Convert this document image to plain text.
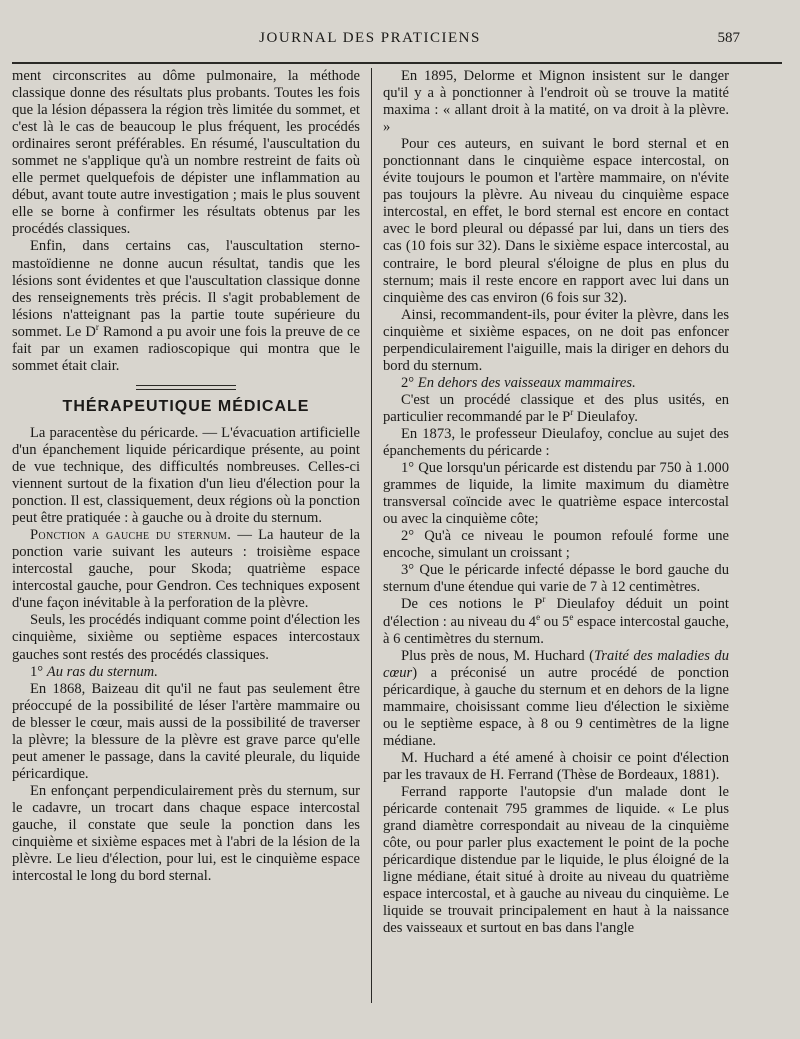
JOURNAL DES PRATICIENS	587

ment circonscrites au dôme pulmonaire, la méthode classique donne des résultats plus probants. Toutes les fois que la lésion dépassera la région très limitée du sommet, et c'est là le cas de beaucoup le plus fréquent, les procédés ordinaires seront préférables. En résumé, l'auscultation du sommet ne s'applique qu'à un nombre restreint de faits où elle permet quelquefois de dépister une inflammation au début, avant toute autre investigation ; mais le plus souvent elle se borne à confirmer les résultats obtenus par les procédés classiques.

Enfin, dans certains cas, l'auscultation sterno-mastoïdienne ne donne aucun résultat, tandis que les lésions sont évidentes et que l'auscultation classique donne des renseignements très précis. Il s'agit probablement de lésions n'atteignant pas la partie toute supérieure du sommet. Le $D^r$ Ramond a pu avoir une fois la preuve de ce fait par un examen radioscopique qui montra que le sommet était clair.

THÉRAPEUTIQUE MÉDICALE

La paracentèse du péricarde. — L'évacuation artificielle d'un épanchement liquide péricardique présente, au point de vue technique, des difficultés nombreuses. Celles-ci viennent surtout de la fixation d'un lieu d'élection pour la ponction. Il est, classiquement, deux régions où la ponction peut être pratiquée : à gauche ou à droite du sternum.

Ponction a gauche du sternum. — La hauteur de la ponction varie suivant les auteurs : troisième espace intercostal gauche, pour Skoda; quatrième espace intercostal gauche, pour Gendron. Ces techniques exposent d'une façon inévitable à la perforation de la plèvre.

Seuls, les procédés indiquant comme point d'élection les cinquième, sixième ou septième espaces intercostaux gauches sont restés des procédés classiques.

1° Au ras du sternum.

En 1868, Baizeau dit qu'il ne faut pas seulement être préoccupé de la possibilité de léser l'artère mammaire ou de blesser le cœur, mais aussi de la possibilité de traverser la plèvre; la blessure de la plèvre est grave parce qu'elle peut amener le passage, dans la cavité pleurale, du liquide péricardique.

En enfonçant perpendiculairement près du sternum, sur le cadavre, un trocart dans chaque espace intercostal gauche, il constate que seule la ponction dans les cinquième et sixième espaces met à l'abri de la lésion de la plèvre. Le lieu d'élection, pour lui, est le cinquième espace intercostal le long du bord sternal.

En 1895, Delorme et Mignon insistent sur le danger qu'il y a à ponctionner à l'endroit où se trouve la matité maxima : « allant droit à la matité, on va droit à la plèvre. »

Pour ces auteurs, en suivant le bord sternal et en ponctionnant dans le cinquième espace intercostal, on évite toujours le poumon et l'artère mammaire, on n'évite pas toujours la plèvre. Au niveau du cinquième espace intercostal, en effet, le bord sternal est encore en contact avec le bord pleural ou dépassé par lui, dans un tiers des cas (10 fois sur 32). Dans le sixième espace intercostal, au contraire, le bord pleural s'éloigne de plus en plus du sternum; mais il reste encore en rapport avec lui dans un cinquième des cas environ (6 fois sur 32).

Ainsi, recommandent-ils, pour éviter la plèvre, dans les cinquième et sixième espaces, on ne doit pas enfoncer perpendiculairement l'aiguille, mais la diriger en dehors du bord du sternum.

2° En dehors des vaisseaux mammaires.

C'est un procédé classique et des plus usités, en particulier recommandé par le $P^r$ Dieulafoy.

En 1873, le professeur Dieulafoy, conclue au sujet des épanchements du péricarde :

1° Que lorsqu'un péricarde est distendu par 750 à 1.000 grammes de liquide, la limite maximum du diamètre transversal coïncide avec le quatrième espace intercostal ou avec la cinquième côte;

2° Qu'à ce niveau le poumon refoulé forme une encoche, simulant un croissant ;

3° Que le péricarde infecté dépasse le bord gauche du sternum d'une étendue qui varie de 7 à 12 centimètres.

De ces notions le $P^r$ Dieulafoy déduit un point d'élection : au niveau du 4e ou 5e espace intercostal gauche, à 6 centimètres du sternum.

Plus près de nous, M. Huchard (Traité des maladies du cœur) a préconisé un autre procédé de ponction péricardique, à gauche du sternum et en dehors de la ligne mammaire, choisissant comme lieu d'élection le sixième ou le septième espace, à 8 ou 9 centimètres de la ligne médiane.

M. Huchard a été amené à choisir ce point d'élection par les travaux de H. Ferrand (Thèse de Bordeaux, 1881).

Ferrand rapporte l'autopsie d'un malade dont le péricarde contenait 795 grammes de liquide. « Le plus grand diamètre correspondait au niveau de la cinquième côte, ou pour parler plus exactement le point de la poche péricardique distendue par le liquide, le plus éloigné de la ligne médiane, était situé à droite au niveau du quatrième espace intercostal, et à gauche au niveau du cinquième. Le liquide se trouvait principalement en haut à la naissance des vaisseaux et surtout en bas dans l'angle
